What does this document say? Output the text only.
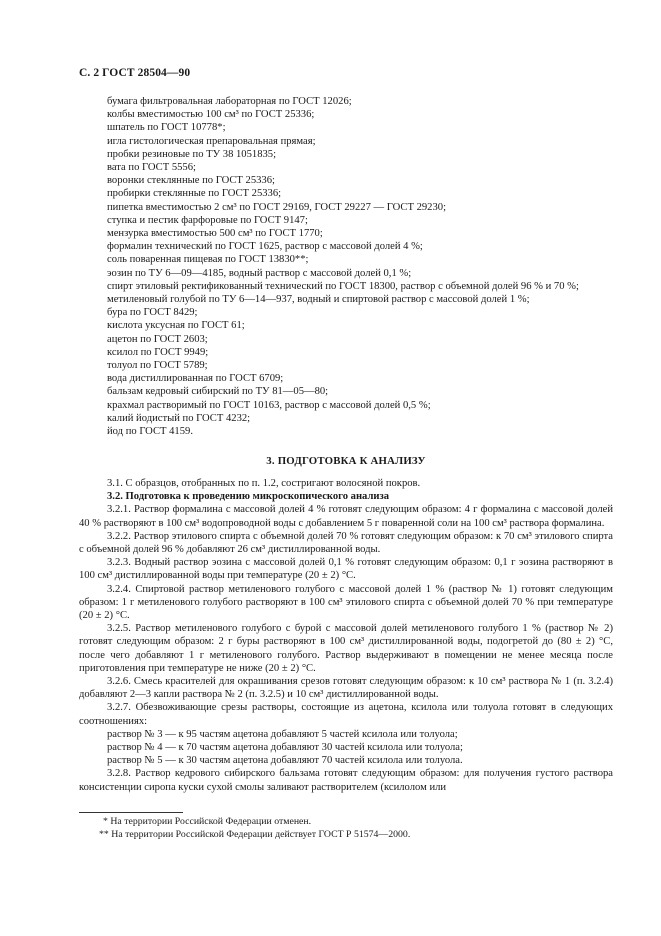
С. 2 ГОСТ 28504—90

бумага фильтровальная лабораторная по ГОСТ 12026;

колбы вместимостью 100 см³ по ГОСТ 25336;

шпатель по ГОСТ 10778*;

игла гистологическая препаровальная прямая;

пробки резиновые по ТУ 38 1051835;

вата по ГОСТ 5556;

воронки стеклянные по ГОСТ 25336;

пробирки стеклянные по ГОСТ 25336;

пипетка вместимостью 2 см³ по ГОСТ 29169, ГОСТ 29227 — ГОСТ 29230;

ступка и пестик фарфоровые по ГОСТ 9147;

мензурка вместимостью 500 см³ по ГОСТ 1770;

формалин технический по ГОСТ 1625, раствор с массовой долей 4 %;

соль поваренная пищевая по ГОСТ 13830**;

эозин по ТУ 6—09—4185, водный раствор с массовой долей 0,1 %;

спирт этиловый ректификованный технический по ГОСТ 18300, раствор с объемной долей 96 % и 70 %;

метиленовый голубой по ТУ 6—14—937, водный и спиртовой раствор с массовой долей 1 %;

бура по ГОСТ 8429;

кислота уксусная по ГОСТ 61;

ацетон по ГОСТ 2603;

ксилол по ГОСТ 9949;

толуол по ГОСТ 5789;

вода дистиллированная по ГОСТ 6709;

бальзам кедровый сибирский по ТУ 81—05—80;

крахмал растворимый по ГОСТ 10163, раствор с массовой долей 0,5 %;

калий йодистый по ГОСТ 4232;

йод по ГОСТ 4159.

3. ПОДГОТОВКА К АНАЛИЗУ

3.1. С образцов, отобранных по п. 1.2, состригают волосяной покров.

3.2. Подготовка к проведению микроскопического анализа

3.2.1. Раствор формалина с массовой долей 4 % готовят следующим образом: 4 г формалина с массовой долей 40 % растворяют в 100 см³ водопроводной воды с добавлением 5 г поваренной соли на 100 см³ раствора формалина.

3.2.2. Раствор этилового спирта с объемной долей 70 % готовят следующим образом: к 70 см³ этилового спирта с объемной долей 96 % добавляют 26 см³ дистиллированной воды.

3.2.3. Водный раствор эозина с массовой долей 0,1 % готовят следующим образом: 0,1 г эозина растворяют в 100 см³ дистиллированной воды при температуре (20 ± 2) °С.

3.2.4. Спиртовой раствор метиленового голубого с массовой долей 1 % (раствор № 1) готовят следующим образом: 1 г метиленового голубого растворяют в 100 см³ этилового спирта с объемной долей 70 % при температуре (20 ± 2) °С.

3.2.5. Раствор метиленового голубого с бурой с массовой долей метиленового голубого 1 % (раствор № 2) готовят следующим образом: 2 г буры растворяют в 100 см³ дистиллированной воды, подогретой до (80 ± 2) °С, после чего добавляют 1 г метиленового голубого. Раствор выдерживают в помещении не менее месяца после приготовления при температуре не ниже (20 ± 2) °С.

3.2.6. Смесь красителей для окрашивания срезов готовят следующим образом: к 10 см³ раствора № 1 (п. 3.2.4) добавляют 2—3 капли раствора № 2 (п. 3.2.5) и 10 см³ дистиллированной воды.

3.2.7. Обезвоживающие срезы растворы, состоящие из ацетона, ксилола или толуола готовят в следующих соотношениях:

раствор № 3 — к 95 частям ацетона добавляют 5 частей ксилола или толуола;

раствор № 4 — к 70 частям ацетона добавляют 30 частей ксилола или толуола;

раствор № 5 — к 30 частям ацетона добавляют 70 частей ксилола или толуола.

3.2.8. Раствор кедрового сибирского бальзама готовят следующим образом: для получения густого раствора консистенции сиропа куски сухой смолы заливают растворителем (ксилолом или

* На территории Российской Федерации отменен.

** На территории Российской Федерации действует ГОСТ Р 51574—2000.
